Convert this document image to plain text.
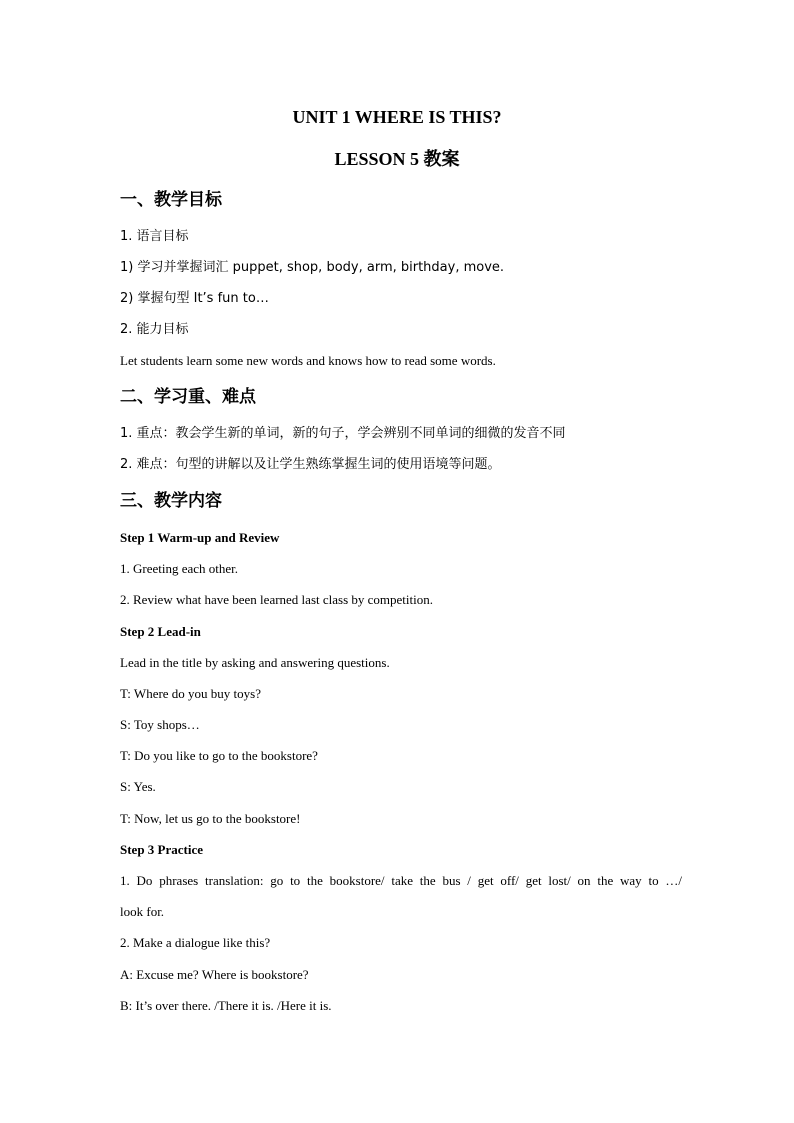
UNIT 1 WHERE IS THIS?
LESSON 5 教案
一、教学目标
1. 语言目标
1) 学习并掌握词汇 puppet, shop, body, arm, birthday, move.
2) 掌握句型 It’s fun to…
2. 能力目标
Let students learn some new words and knows how to read some words.
二、学习重、难点
1. 重点：教会学生新的单词，新的句子，学会辨别不同单词的细微的发音不同
2. 难点：句型的讲解以及让学生熟练掌握生词的使用语境等问题。
三、教学内容
Step 1 Warm-up and Review
1. Greeting each other.
2. Review what have been learned last class by competition.
Step 2 Lead-in
Lead in the title by asking and answering questions.
T: Where do you buy toys?
S: Toy shops…
T: Do you like to go to the bookstore?
S: Yes.
T: Now, let us go to the bookstore!
Step 3 Practice
1. Do phrases translation: go to the bookstore/ take the bus / get off/ get lost/ on the way to …/
look for.
2. Make a dialogue like this?
A: Excuse me? Where is bookstore?
B: It’s over there. /There it is. /Here it is.
